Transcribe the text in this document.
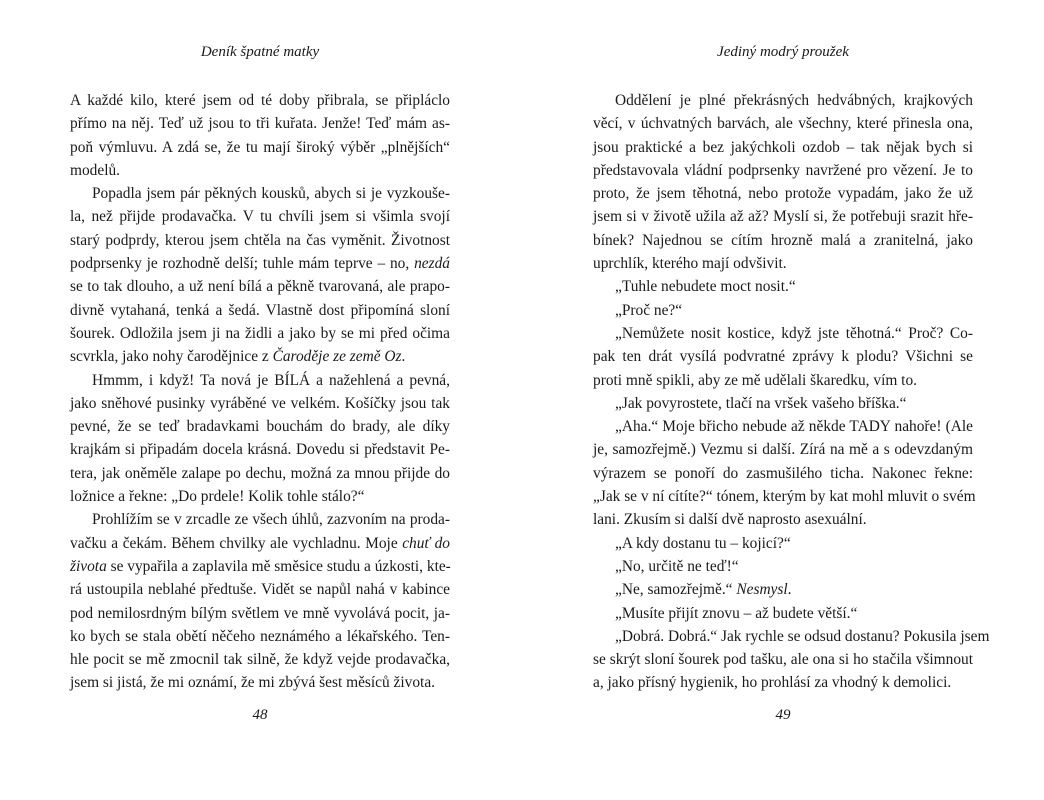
Deník špatné matky
A každé kilo, které jsem od té doby přibrala, se připláclo
přímo na něj. Teď už jsou to tři kuřata. Jenže! Teď mám as-
poň výmluvu. A zdá se, že tu mají široký výběr „plnějších“
modelů.
Popadla jsem pár pěkných kousků, abych si je vyzkouše-
la, než přijde prodavačka. V tu chvíli jsem si všimla svojí
starý podprdy, kterou jsem chtěla na čas vyměnit. Životnost
podprsenky je rozhodně delší; tuhle mám teprve – no, nezdá
se to tak dlouho, a už není bílá a pěkně tvarovaná, ale prapo-
divně vytahaná, tenká a šedá. Vlastně dost připomíná sloní
šourek. Odložila jsem ji na židli a jako by se mi před očima
scvrkla, jako nohy čarodějnice z Čaroděje ze země Oz.
Hmmm, i když! Ta nová je BÍLÁ a nažehlená a pevná,
jako sněhové pusinky vyráběné ve velkém. Košíčky jsou tak
pevné, že se teď bradavkami bouchám do brady, ale díky
krajkám si připadám docela krásná. Dovedu si představit Pe-
tera, jak oněměle zalape po dechu, možná za mnou přijde do
ložnice a řekne: „Do prdele! Kolik tohle stálo?“
Prohlížím se v zrcadle ze všech úhlů, zazvoním na proda-
vačku a čekám. Během chvilky ale vychladnu. Moje chuť do
života se vypařila a zaplavila mě směsice studu a úzkosti, kte-
rá ustoupila neblahé předtuše. Vidět se napůl nahá v kabince
pod nemilosrdným bílým světlem ve mně vyvolává pocit, ja-
ko bych se stala obětí něčeho neznámého a lékařského. Ten-
hle pocit se mě zmocnil tak silně, že když vejde prodavačka,
jsem si jistá, že mi oznámí, že mi zbývá šest měsíců života.
48
Jediný modrý proužek
Oddělení je plné překrásných hedvábných, krajkových
věcí, v úchvatných barvách, ale všechny, které přinesla ona,
jsou praktické a bez jakýchkoli ozdob – tak nějak bych si
představovala vládní podprsenky navržené pro vězení. Je to
proto, že jsem těhotná, nebo protože vypadám, jako že už
jsem si v životě užila až až? Myslí si, že potřebuji srazit hře-
bínek? Najednou se cítím hrozně malá a zranitelná, jako
uprchlík, kterého mají odvšivit.
„Tuhle nebudete moct nosit.“
„Proč ne?“
„Nemůžete nosit kostice, když jste těhotná.“ Proč? Co-
pak ten drát vysílá podvratné zprávy k plodu? Všichni se
proti mně spikli, aby ze mě udělali škaredku, vím to.
„Jak povyrostete, tlačí na vršek vašeho bříška.“
„Aha.“ Moje břicho nebude až někde TADY nahoře! (Ale
je, samozřejmě.) Vezmu si další. Zírá na mě a s odevzdaným
výrazem se ponoří do zasmušilého ticha. Nakonec řekne:
„Jak se v ní cítíte?“ tónem, kterým by kat mohl mluvit o svém
lani. Zkusím si další dvě naprosto asexuální.
„A kdy dostanu tu – kojicí?“
„No, určitě ne teď!“
„Ne, samozřejmě.“ Nesmysl.
„Musíte přijít znovu – až budete větší.“
„Dobrá. Dobrá.“ Jak rychle se odsud dostanu? Pokusila jsem
se skrýt sloní šourek pod tašku, ale ona si ho stačila všimnout
a, jako přísný hygienik, ho prohlásí za vhodný k demolici.
49
